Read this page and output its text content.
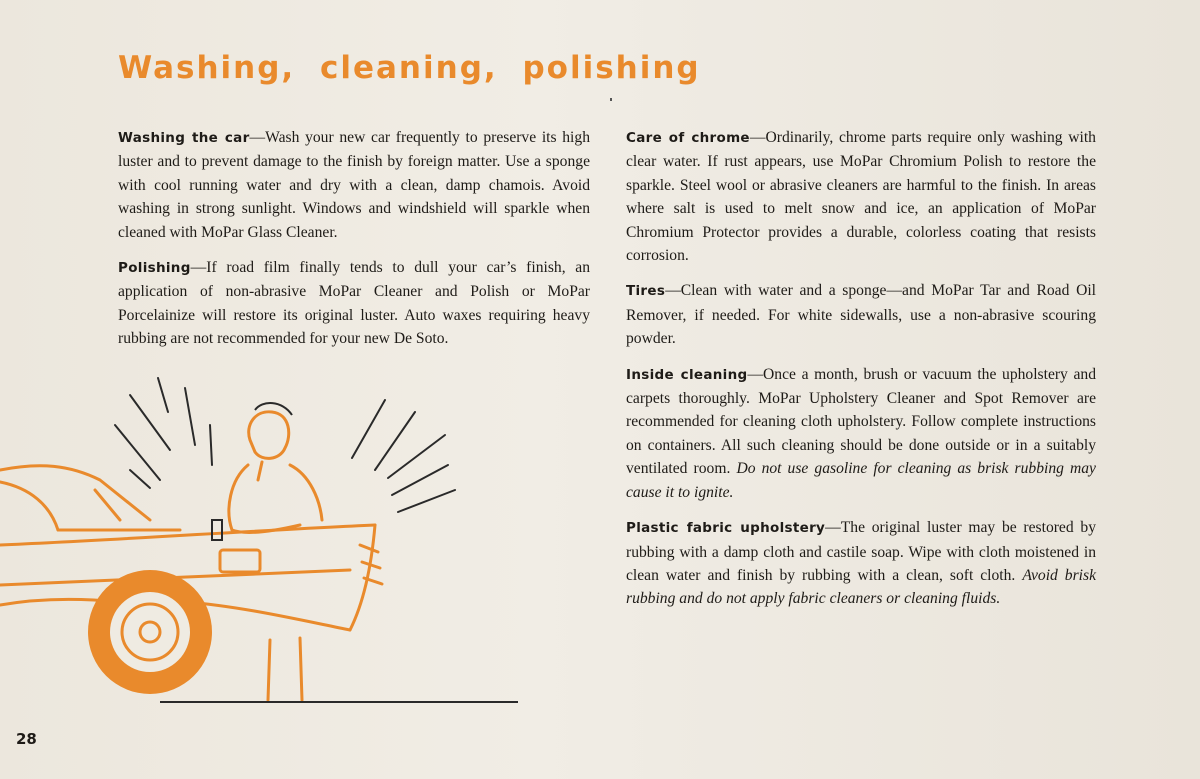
Washing, cleaning, polishing

Washing the car—Wash your new car frequently to preserve its high luster and to prevent damage to the finish by foreign matter. Use a sponge with cool running water and dry with a clean, damp chamois. Avoid washing in strong sunlight. Windows and windshield will sparkle when cleaned with MoPar Glass Cleaner.

Polishing—If road film finally tends to dull your car’s finish, an application of non-abrasive MoPar Cleaner and Polish or MoPar Porcelainize will restore its original luster. Auto waxes requiring heavy rubbing are not recommended for your new De Soto.

Care of chrome—Ordinarily, chrome parts require only washing with clear water. If rust appears, use MoPar Chromium Polish to restore the sparkle. Steel wool or abrasive cleaners are harmful to the finish. In areas where salt is used to melt snow and ice, an application of MoPar Chromium Protector provides a durable, colorless coating that resists corrosion.

Tires—Clean with water and a sponge—and MoPar Tar and Road Oil Remover, if needed. For white sidewalls, use a non-abrasive scouring powder.

Inside cleaning—Once a month, brush or vacuum the upholstery and carpets thoroughly. MoPar Upholstery Cleaner and Spot Remover are recommended for cleaning cloth upholstery. Follow complete instructions on containers. All such cleaning should be done outside or in a suitably ventilated room. Do not use gasoline for cleaning as brisk rubbing may cause it to ignite.

Plastic fabric upholstery—The original luster may be restored by rubbing with a damp cloth and castile soap. Wipe with cloth moistened in clean water and finish by rubbing with a clean, soft cloth. Avoid brisk rubbing and do not apply fabric cleaners or cleaning fluids.

28
